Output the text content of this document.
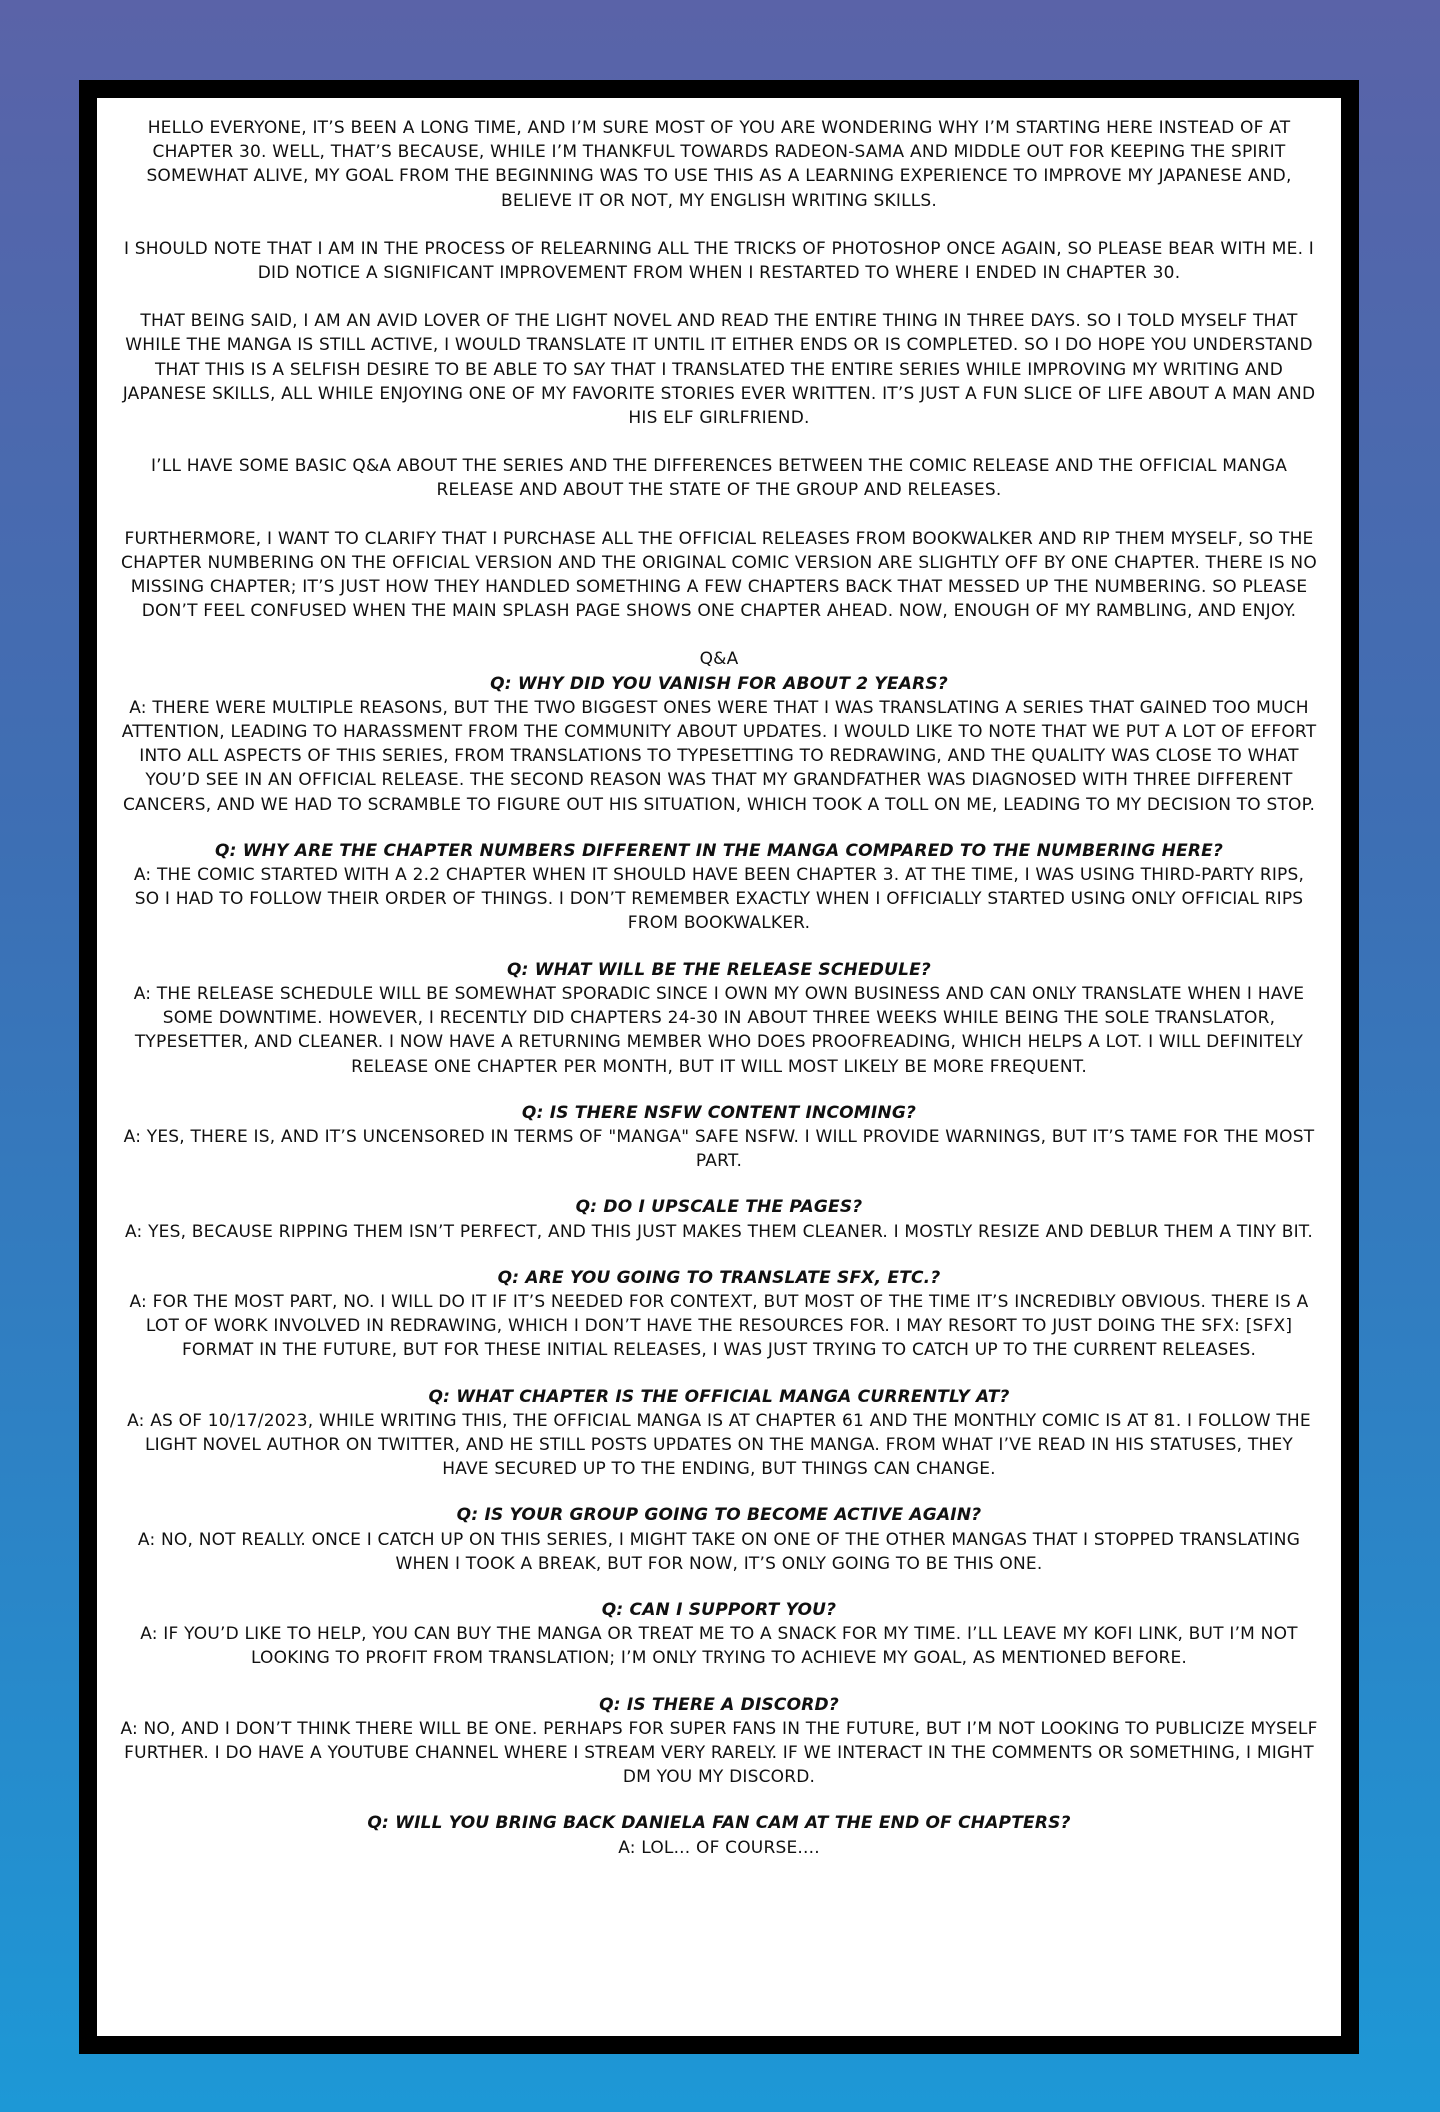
HELLO EVERYONE, IT’S BEEN A LONG TIME, AND I’M SURE MOST OF YOU ARE WONDERING WHY I’M STARTING HERE INSTEAD OF AT CHAPTER 30. WELL, THAT’S BECAUSE, WHILE I’M THANKFUL TOWARDS RADEON-SAMA AND MIDDLE OUT FOR KEEPING THE SPIRIT SOMEWHAT ALIVE, MY GOAL FROM THE BEGINNING WAS TO USE THIS AS A LEARNING EXPERIENCE TO IMPROVE MY JAPANESE AND, BELIEVE IT OR NOT, MY ENGLISH WRITING SKILLS.

I SHOULD NOTE THAT I AM IN THE PROCESS OF RELEARNING ALL THE TRICKS OF PHOTOSHOP ONCE AGAIN, SO PLEASE BEAR WITH ME. I DID NOTICE A SIGNIFICANT IMPROVEMENT FROM WHEN I RESTARTED TO WHERE I ENDED IN CHAPTER 30.

THAT BEING SAID, I AM AN AVID LOVER OF THE LIGHT NOVEL AND READ THE ENTIRE THING IN THREE DAYS. SO I TOLD MYSELF THAT WHILE THE MANGA IS STILL ACTIVE, I WOULD TRANSLATE IT UNTIL IT EITHER ENDS OR IS COMPLETED. SO I DO HOPE YOU UNDERSTAND THAT THIS IS A SELFISH DESIRE TO BE ABLE TO SAY THAT I TRANSLATED THE ENTIRE SERIES WHILE IMPROVING MY WRITING AND JAPANESE SKILLS, ALL WHILE ENJOYING ONE OF MY FAVORITE STORIES EVER WRITTEN. IT’S JUST A FUN SLICE OF LIFE ABOUT A MAN AND HIS ELF GIRLFRIEND.

I’LL HAVE SOME BASIC Q&A ABOUT THE SERIES AND THE DIFFERENCES BETWEEN THE COMIC RELEASE AND THE OFFICIAL MANGA RELEASE AND ABOUT THE STATE OF THE GROUP AND RELEASES.

FURTHERMORE, I WANT TO CLARIFY THAT I PURCHASE ALL THE OFFICIAL RELEASES FROM BOOKWALKER AND RIP THEM MYSELF, SO THE CHAPTER NUMBERING ON THE OFFICIAL VERSION AND THE ORIGINAL COMIC VERSION ARE SLIGHTLY OFF BY ONE CHAPTER. THERE IS NO MISSING CHAPTER; IT’S JUST HOW THEY HANDLED SOMETHING A FEW CHAPTERS BACK THAT MESSED UP THE NUMBERING. SO PLEASE DON’T FEEL CONFUSED WHEN THE MAIN SPLASH PAGE SHOWS ONE CHAPTER AHEAD. NOW, ENOUGH OF MY RAMBLING, AND ENJOY.

Q&A

Q: WHY DID YOU VANISH FOR ABOUT 2 YEARS?

A: THERE WERE MULTIPLE REASONS, BUT THE TWO BIGGEST ONES WERE THAT I WAS TRANSLATING A SERIES THAT GAINED TOO MUCH ATTENTION, LEADING TO HARASSMENT FROM THE COMMUNITY ABOUT UPDATES. I WOULD LIKE TO NOTE THAT WE PUT A LOT OF EFFORT INTO ALL ASPECTS OF THIS SERIES, FROM TRANSLATIONS TO TYPESETTING TO REDRAWING, AND THE QUALITY WAS CLOSE TO WHAT YOU’D SEE IN AN OFFICIAL RELEASE. THE SECOND REASON WAS THAT MY GRANDFATHER WAS DIAGNOSED WITH THREE DIFFERENT CANCERS, AND WE HAD TO SCRAMBLE TO FIGURE OUT HIS SITUATION, WHICH TOOK A TOLL ON ME, LEADING TO MY DECISION TO STOP.

Q: WHY ARE THE CHAPTER NUMBERS DIFFERENT IN THE MANGA COMPARED TO THE NUMBERING HERE?

A: THE COMIC STARTED WITH A 2.2 CHAPTER WHEN IT SHOULD HAVE BEEN CHAPTER 3. AT THE TIME, I WAS USING THIRD-PARTY RIPS, SO I HAD TO FOLLOW THEIR ORDER OF THINGS. I DON’T REMEMBER EXACTLY WHEN I OFFICIALLY STARTED USING ONLY OFFICIAL RIPS FROM BOOKWALKER.

Q: WHAT WILL BE THE RELEASE SCHEDULE?

A: THE RELEASE SCHEDULE WILL BE SOMEWHAT SPORADIC SINCE I OWN MY OWN BUSINESS AND CAN ONLY TRANSLATE WHEN I HAVE SOME DOWNTIME. HOWEVER, I RECENTLY DID CHAPTERS 24-30 IN ABOUT THREE WEEKS WHILE BEING THE SOLE TRANSLATOR, TYPESETTER, AND CLEANER. I NOW HAVE A RETURNING MEMBER WHO DOES PROOFREADING, WHICH HELPS A LOT. I WILL DEFINITELY RELEASE ONE CHAPTER PER MONTH, BUT IT WILL MOST LIKELY BE MORE FREQUENT.

Q: IS THERE NSFW CONTENT INCOMING?

A: YES, THERE IS, AND IT’S UNCENSORED IN TERMS OF "MANGA" SAFE NSFW. I WILL PROVIDE WARNINGS, BUT IT’S TAME FOR THE MOST PART.

Q: DO I UPSCALE THE PAGES?

A: YES, BECAUSE RIPPING THEM ISN’T PERFECT, AND THIS JUST MAKES THEM CLEANER. I MOSTLY RESIZE AND DEBLUR THEM A TINY BIT.

Q: ARE YOU GOING TO TRANSLATE SFX, ETC.?

A: FOR THE MOST PART, NO. I WILL DO IT IF IT’S NEEDED FOR CONTEXT, BUT MOST OF THE TIME IT’S INCREDIBLY OBVIOUS. THERE IS A LOT OF WORK INVOLVED IN REDRAWING, WHICH I DON’T HAVE THE RESOURCES FOR. I MAY RESORT TO JUST DOING THE SFX: [SFX] FORMAT IN THE FUTURE, BUT FOR THESE INITIAL RELEASES, I WAS JUST TRYING TO CATCH UP TO THE CURRENT RELEASES.

Q: WHAT CHAPTER IS THE OFFICIAL MANGA CURRENTLY AT?

A: AS OF 10/17/2023, WHILE WRITING THIS, THE OFFICIAL MANGA IS AT CHAPTER 61 AND THE MONTHLY COMIC IS AT 81. I FOLLOW THE LIGHT NOVEL AUTHOR ON TWITTER, AND HE STILL POSTS UPDATES ON THE MANGA. FROM WHAT I’VE READ IN HIS STATUSES, THEY HAVE SECURED UP TO THE ENDING, BUT THINGS CAN CHANGE.

Q: IS YOUR GROUP GOING TO BECOME ACTIVE AGAIN?

A: NO, NOT REALLY. ONCE I CATCH UP ON THIS SERIES, I MIGHT TAKE ON ONE OF THE OTHER MANGAS THAT I STOPPED TRANSLATING WHEN I TOOK A BREAK, BUT FOR NOW, IT’S ONLY GOING TO BE THIS ONE.

Q: CAN I SUPPORT YOU?

A: IF YOU’D LIKE TO HELP, YOU CAN BUY THE MANGA OR TREAT ME TO A SNACK FOR MY TIME. I’LL LEAVE MY KOFI LINK, BUT I’M NOT LOOKING TO PROFIT FROM TRANSLATION; I’M ONLY TRYING TO ACHIEVE MY GOAL, AS MENTIONED BEFORE.

Q: IS THERE A DISCORD?

A: NO, AND I DON’T THINK THERE WILL BE ONE. PERHAPS FOR SUPER FANS IN THE FUTURE, BUT I’M NOT LOOKING TO PUBLICIZE MYSELF FURTHER. I DO HAVE A YOUTUBE CHANNEL WHERE I STREAM VERY RARELY. IF WE INTERACT IN THE COMMENTS OR SOMETHING, I MIGHT DM YOU MY DISCORD.

Q: WILL YOU BRING BACK DANIELA FAN CAM AT THE END OF CHAPTERS?

A: LOL... OF COURSE....
